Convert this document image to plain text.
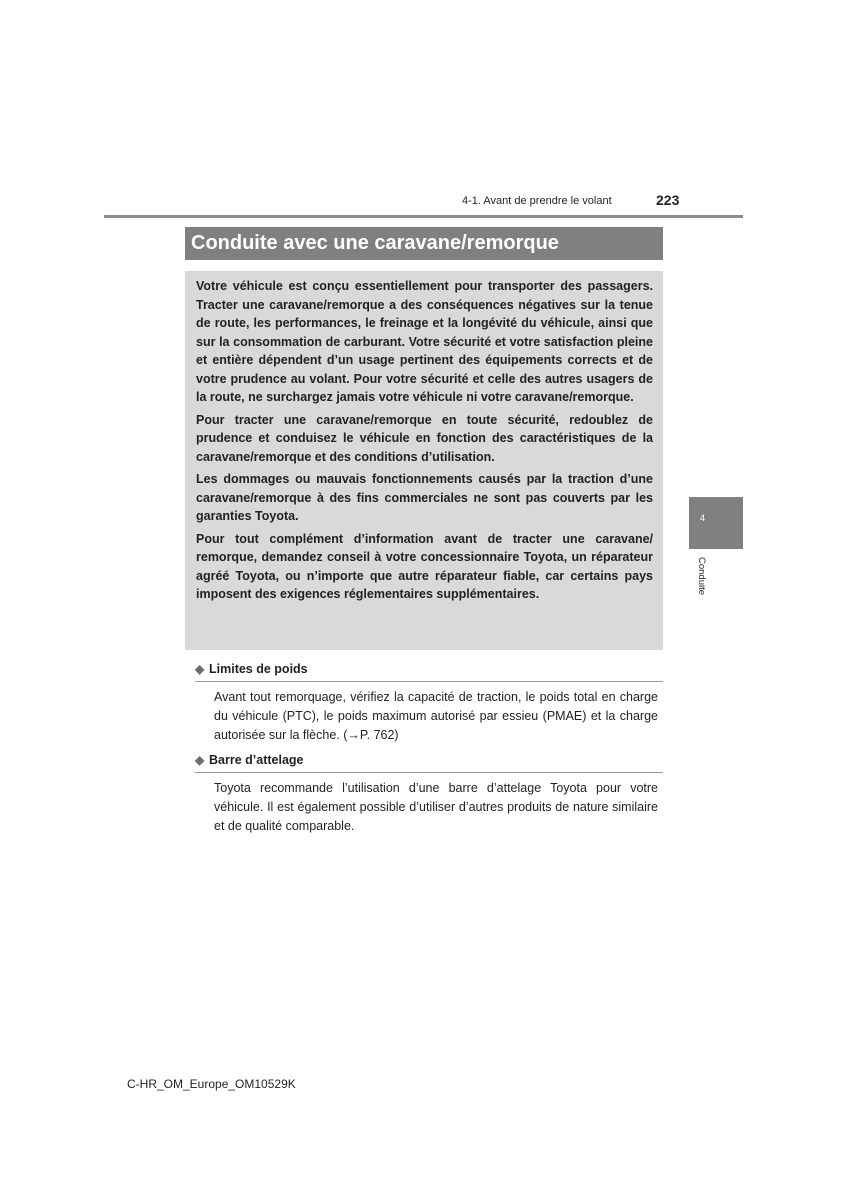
4-1. Avant de prendre le volant	223
Conduite avec une caravane/remorque

Votre véhicule est conçu essentiellement pour transporter des passagers. Tracter une caravane/remorque a des conséquences négatives sur la tenue de route, les performances, le freinage et la longévité du véhicule, ainsi que sur la consommation de carburant. Votre sécurité et votre satisfaction pleine et entière dépendent d’un usage pertinent des équipements corrects et de votre prudence au volant. Pour votre sécurité et celle des autres usagers de la route, ne surchargez jamais votre véhicule ni votre caravane/remorque.

Pour tracter une caravane/remorque en toute sécurité, redoublez de prudence et conduisez le véhicule en fonction des caractéristiques de la caravane/remorque et des conditions d’utilisation.

Les dommages ou mauvais fonctionnements causés par la traction d’une caravane/remorque à des fins commerciales ne sont pas couverts par les garanties Toyota.

Pour tout complément d’information avant de tracter une caravane/ remorque, demandez conseil à votre concessionnaire Toyota, un réparateur agréé Toyota, ou n’importe que autre réparateur fiable, car certains pays imposent des exigences réglementaires supplémentaires.

◆ Limites de poids

Avant tout remorquage, vérifiez la capacité de traction, le poids total en charge du véhicule (PTC), le poids maximum autorisé par essieu (PMAE) et la charge autorisée sur la flèche. (→P. 762)

◆ Barre d’attelage

Toyota recommande l’utilisation d’une barre d’attelage Toyota pour votre véhicule. Il est également possible d’utiliser d’autres produits de nature similaire et de qualité comparable.

4
Conduite
C-HR_OM_Europe_OM10529K
